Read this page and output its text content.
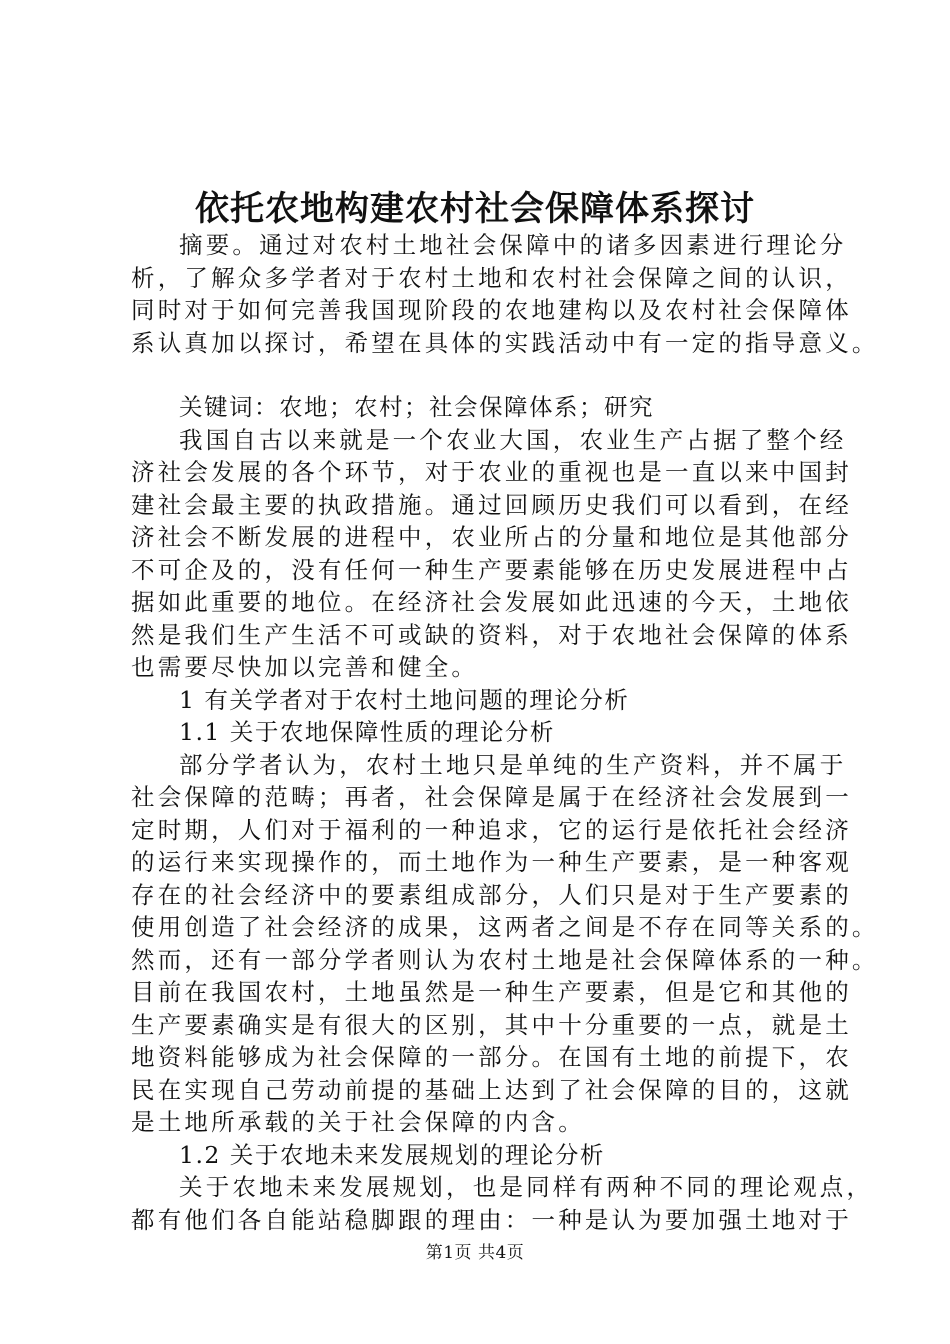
依托农地构建农村社会保障体系探讨
摘要。通过对农村土地社会保障中的诸多因素进行理论分
析，了解众多学者对于农村土地和农村社会保障之间的认识，
同时对于如何完善我国现阶段的农地建构以及农村社会保障体
系认真加以探讨，希望在具体的实践活动中有一定的指导意义。
关键词：农地；农村；社会保障体系；研究
我国自古以来就是一个农业大国，农业生产占据了整个经
济社会发展的各个环节，对于农业的重视也是一直以来中国封
建社会最主要的执政措施。通过回顾历史我们可以看到，在经
济社会不断发展的进程中，农业所占的分量和地位是其他部分
不可企及的，没有任何一种生产要素能够在历史发展进程中占
据如此重要的地位。在经济社会发展如此迅速的今天，土地依
然是我们生产生活不可或缺的资料，对于农地社会保障的体系
也需要尽快加以完善和健全。
1 有关学者对于农村土地问题的理论分析
1.1 关于农地保障性质的理论分析
部分学者认为，农村土地只是单纯的生产资料，并不属于
社会保障的范畴；再者，社会保障是属于在经济社会发展到一
定时期，人们对于福利的一种追求，它的运行是依托社会经济
的运行来实现操作的，而土地作为一种生产要素，是一种客观
存在的社会经济中的要素组成部分，人们只是对于生产要素的
使用创造了社会经济的成果，这两者之间是不存在同等关系的。
然而，还有一部分学者则认为农村土地是社会保障体系的一种。
目前在我国农村，土地虽然是一种生产要素，但是它和其他的
生产要素确实是有很大的区别，其中十分重要的一点，就是土
地资料能够成为社会保障的一部分。在国有土地的前提下，农
民在实现自己劳动前提的基础上达到了社会保障的目的，这就
是土地所承载的关于社会保障的内含。
1.2 关于农地未来发展规划的理论分析
关于农地未来发展规划，也是同样有两种不同的理论观点，
都有他们各自能站稳脚跟的理由：一种是认为要加强土地对于
第1页 共4页
